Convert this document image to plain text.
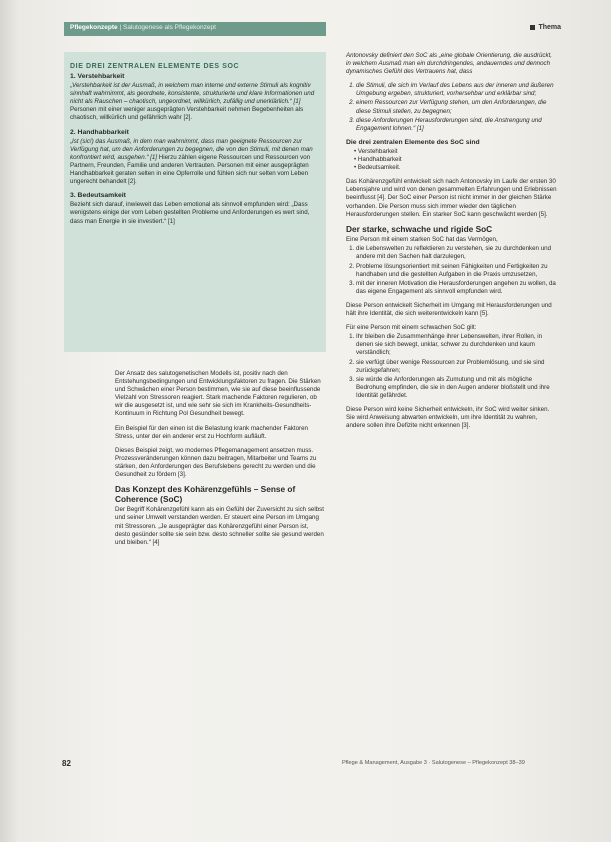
Pflegekonzepte | Salutogenese als Pflegekonzept	Thema
DIE DREI ZENTRALEN ELEMENTE DES SOC
1. Verstehbarkeit

„Verstehbarkeit ist der Ausmaß, in welchem man interne und externe Stimuli als kognitiv sinnhaft wahrnimmt, als geordnete, konsistente, strukturierte und klare Informationen und nicht als Rauschen – chaotisch, ungeordnet, willkürlich, zufällig und unerklärlich.“ [1] Personen mit einer weniger ausgeprägten Verstehbarkeit nehmen Begebenheiten als chaotisch, willkürlich und gefährlich wahr [2].

2. Handhabbarkeit

„Ist (sic!) das Ausmaß, in dem man wahrnimmt, dass man geeignete Ressourcen zur Verfügung hat, um den Anforderungen zu begegnen, die von den Stimuli, mit denen man konfrontiert wird, ausgehen.“ [1] Hierzu zählen eigene Ressourcen und Ressourcen von Partnern, Freunden, Familie und anderen Vertrauten. Personen mit einer ausgeprägten Handhabbarkeit geraten selten in eine Opferrolle und fühlen sich nur selten vom Leben ungerecht behandelt [2].

3. Bedeutsamkeit

Bezieht sich darauf, inwieweit das Leben emotional als sinnvoll empfunden wird: „Dass wenigstens einige der vom Leben gestellten Probleme und Anforderungen es wert sind, dass man Energie in sie investiert.“ [1]

Der Ansatz des salutogenetischen Modells ist, positiv nach den Entstehungsbedingungen und Entwicklungsfaktoren zu fragen. Die Stärken und Schwächen einer Person bestimmen, wie sie auf diese beeinflussende Vielzahl von Stressoren reagiert. Stark machende Faktoren regulieren, ob wir die ausgesetzt ist, und wie sehr sie sich im Krankheits-Gesundheits-Kontinuum in Richtung Pol Gesundheit bewegt.

Ein Beispiel für den einen ist die Belastung krank machender Faktoren Stress, unter der ein anderer erst zu Hochform aufläuft.

Dieses Beispiel zeigt, wo modernes Pflegemanagement ansetzen muss. Prozessveränderungen können dazu beitragen, Mitarbeiter und Teams zu stärken, den Anforderungen des Berufslebens gerecht zu werden und die Gesundheit zu fördern [3].

Das Konzept des Kohärenzgefühls – Sense of Coherence (SoC)

Der Begriff Kohärenzgefühl kann als ein Gefühl der Zuversicht zu sich selbst und seiner Umwelt verstanden werden. Er steuert eine Person im Umgang mit Stressoren. „Je ausgeprägter das Kohärenzgefühl einer Person ist, desto gesünder sollte sie sein bzw. desto schneller sollte sie gesund werden und bleiben.“ [4]

Antonovsky definiert den SoC als „eine globale Orientierung, die ausdrückt, in welchem Ausmaß man ein durchdringendes, andauerndes und dennoch dynamisches Gefühl des Vertrauens hat, dass

1. die Stimuli, die sich im Verlauf des Lebens aus der inneren und äußeren Umgebung ergeben, strukturiert, vorhersehbar und erklärbar sind;
2. einem Ressourcen zur Verfügung stehen, um den Anforderungen, die diese Stimuli stellen, zu begegnen;
3. diese Anforderungen Herausforderungen sind, die Anstrengung und Engagement lohnen.“ [1]
Die drei zentralen Elemente des SoC sind
• Verstehbarkeit
• Handhabbarkeit
• Bedeutsamkeit.

Das Kohärenzgefühl entwickelt sich nach Antonovsky im Laufe der ersten 30 Lebensjahre und wird von denen gesammelten Erfahrungen und Erlebnissen beeinflusst [4]. Der SoC einer Person ist nicht immer in der gleichen Stärke vorhanden. Die Person muss sich immer wieder den täglichen Herausforderungen stellen. Ein starker SoC kann geschwächt werden [5].

Der starke, schwache und rigide SoC

Eine Person mit einem starken SoC hat das Vermögen,

1. die Lebenswelten zu reflektieren zu verstehen, sie zu durchdenken und andere mit den Sachen halt darzulegen,
2. Probleme lösungsorientiert mit seinen Fähigkeiten und Fertigkeiten zu handhaben und die gestellten Aufgaben in die Praxis umzusetzen,
3. mit der inneren Motivation die Herausforderungen angehen zu wollen, da das eigene Engagement als sinnvoll empfunden wird.

Diese Person entwickelt Sicherheit im Umgang mit Herausforderungen und hält ihre Identität, die sich weiterentwickeln kann [5].

Für eine Person mit einem schwachen SoC gilt:

1. Ihr bleiben die Zusammenhänge ihrer Lebenswelten, ihrer Rollen, in denen sie sich bewegt, unklar, schwer zu durchdenken und kaum verständlich;
2. sie verfügt über wenige Ressourcen zur Problemlösung, und sie sind zurückgefahren;
3. sie würde die Anforderungen als Zumutung und mit als mögliche Bedrohung empfinden, die sie in den Augen anderer bloßstellt und ihre Identität gefährdet.

Diese Person wird keine Sicherheit entwickeln, ihr SoC wird weiter sinken. Sie wird Anweisung abwarten entwickeln, um ihre Identität zu wahren, andere sollen ihre Defizite nicht erkennen [3].

82	Pflege & Management, Ausgabe 3 · Salutogenese – Pflegekonzept 38–39
